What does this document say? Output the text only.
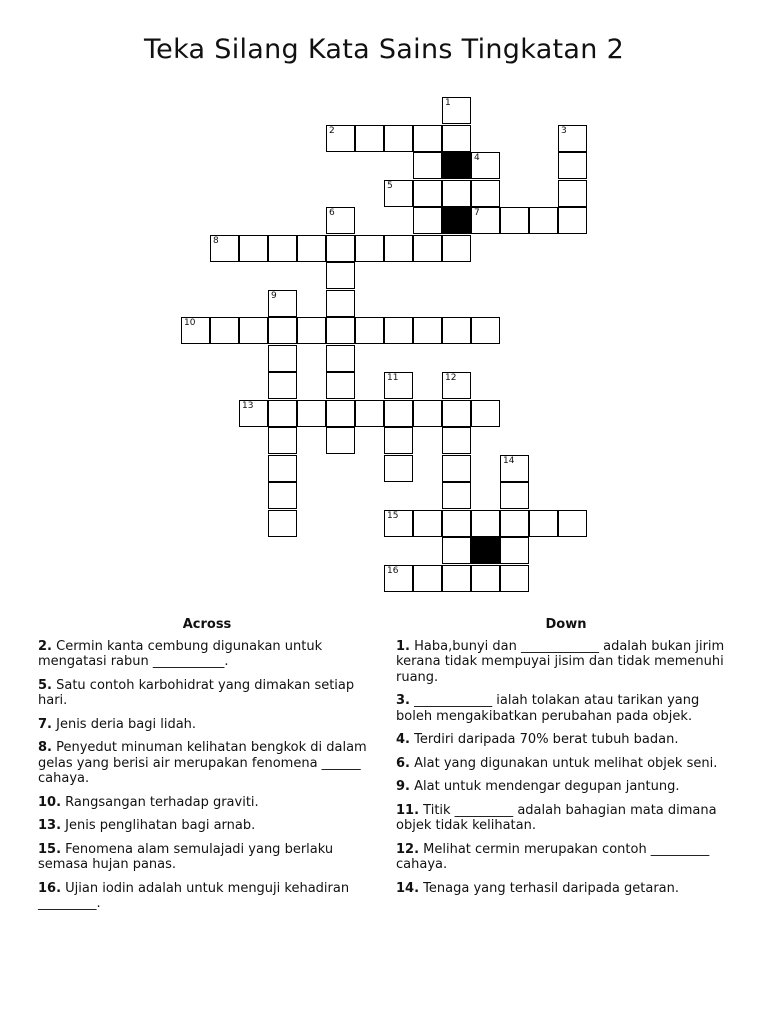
Teka Silang Kata Sains Tingkatan 2
1
2	3
4
5
6	7
8
9
10
11	12
13
14
15
16
Across
2. Cermin kanta cembung digunakan untuk mengatasi rabun ___________.
5. Satu contoh karbohidrat yang dimakan setiap hari.
7. Jenis deria bagi lidah.
8. Penyedut minuman kelihatan bengkok di dalam gelas yang berisi air merupakan fenomena ______ cahaya.
10. Rangsangan terhadap graviti.
13. Jenis penglihatan bagi arnab.
15. Fenomena alam semulajadi yang berlaku semasa hujan panas.
16. Ujian iodin adalah untuk menguji kehadiran _________.
Down
1. Haba,bunyi dan ____________ adalah bukan jirim kerana tidak mempuyai jisim dan tidak memenuhi ruang.
3. ____________ ialah tolakan atau tarikan yang boleh mengakibatkan perubahan pada objek.
4. Terdiri daripada 70% berat tubuh badan.
6. Alat yang digunakan untuk melihat objek seni.
9. Alat untuk mendengar degupan jantung.
11. Titik _________ adalah bahagian mata dimana objek tidak kelihatan.
12. Melihat cermin merupakan contoh _________ cahaya.
14. Tenaga yang terhasil daripada getaran.
